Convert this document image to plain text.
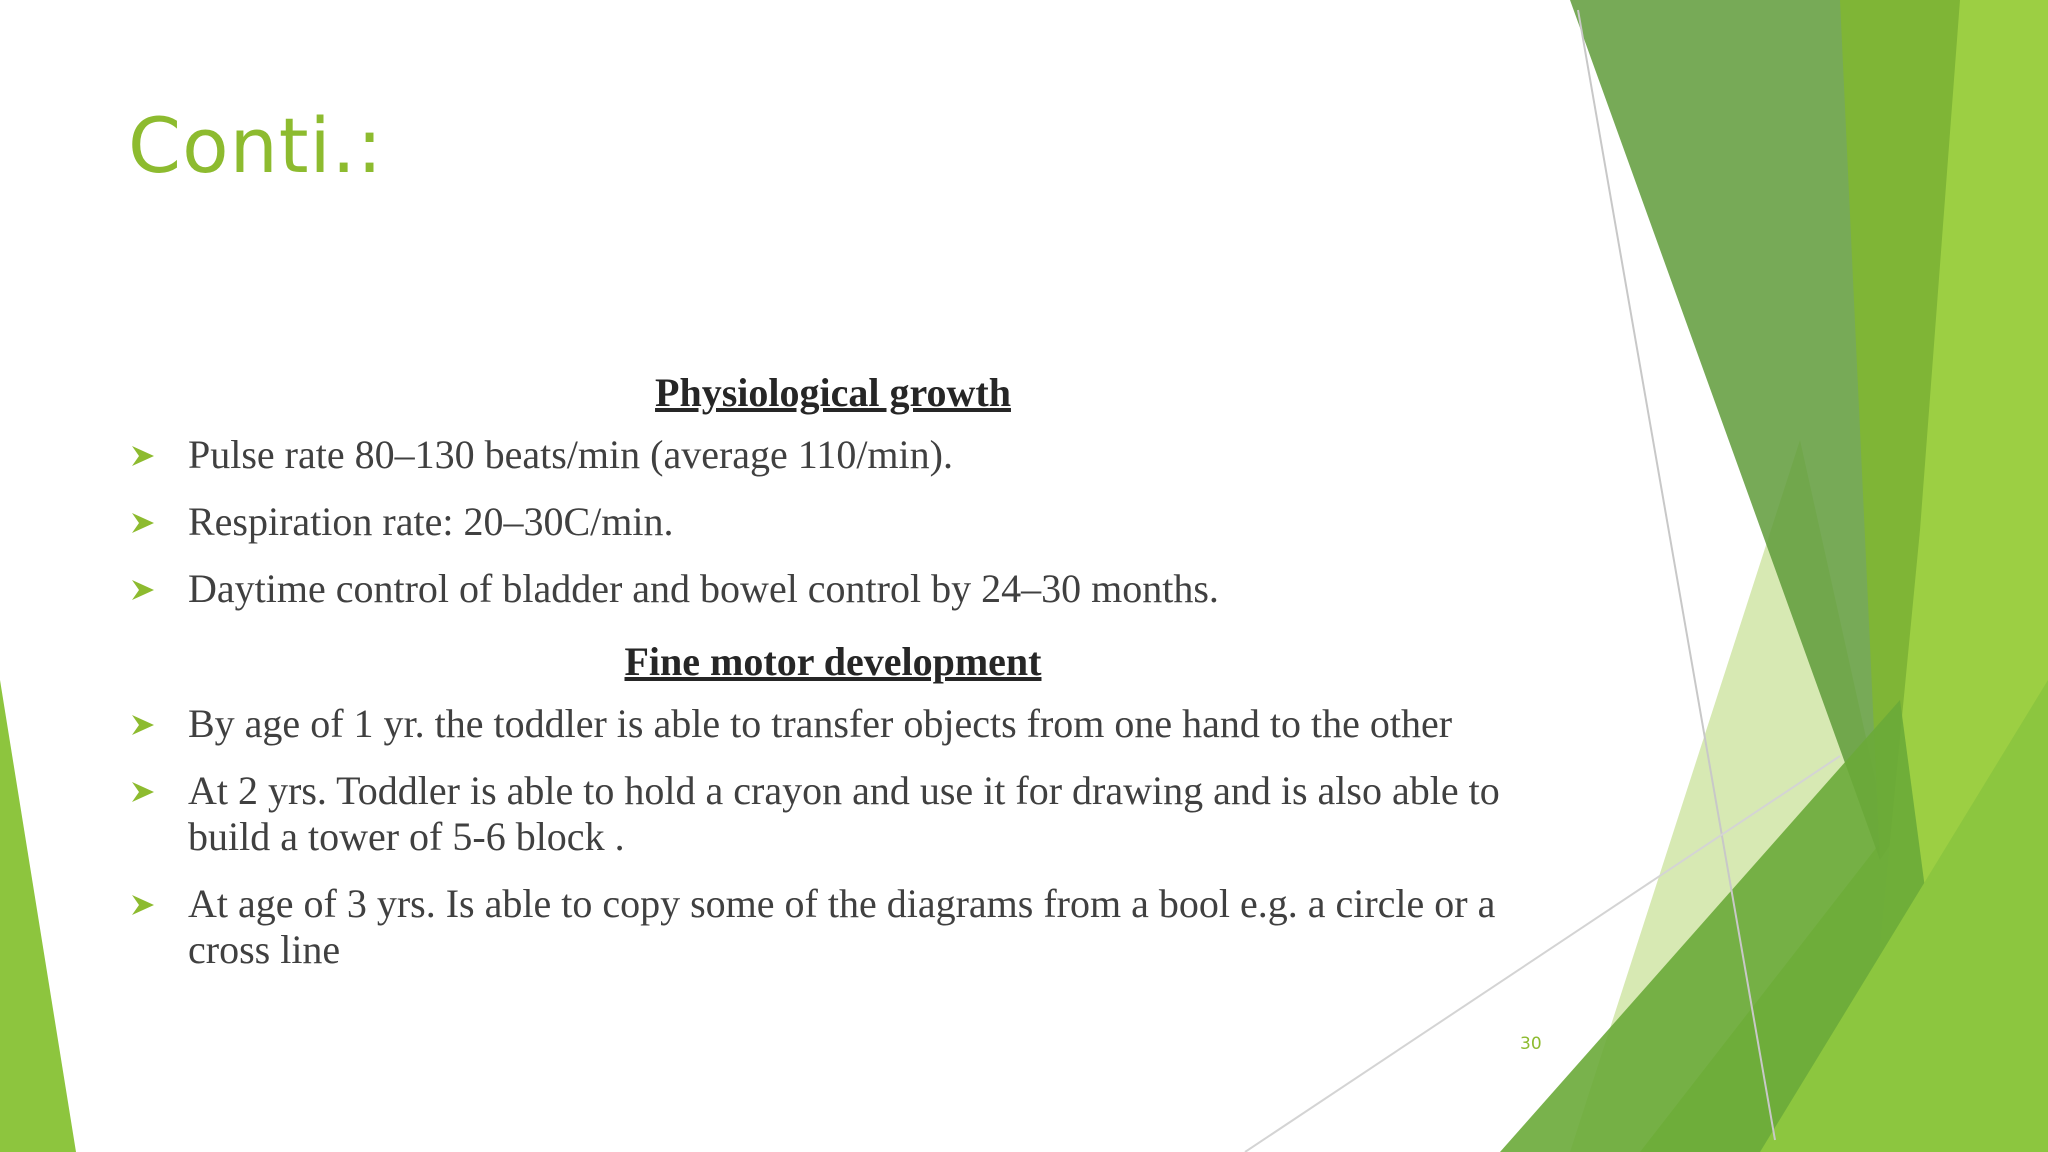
Conti.:
Physiological growth
Pulse rate 80–130 beats/min (average 110/min).
Respiration rate: 20–30C/min.
Daytime control of bladder and bowel control by 24–30 months.
Fine motor development
By age of 1 yr. the toddler is able to transfer objects from one hand to the other
At 2 yrs. Toddler is able to hold a crayon and use it for drawing and is also able to build a tower of 5-6 block .
At age of 3 yrs. Is able to copy some of the diagrams from a bool e.g. a circle or a cross line
30
